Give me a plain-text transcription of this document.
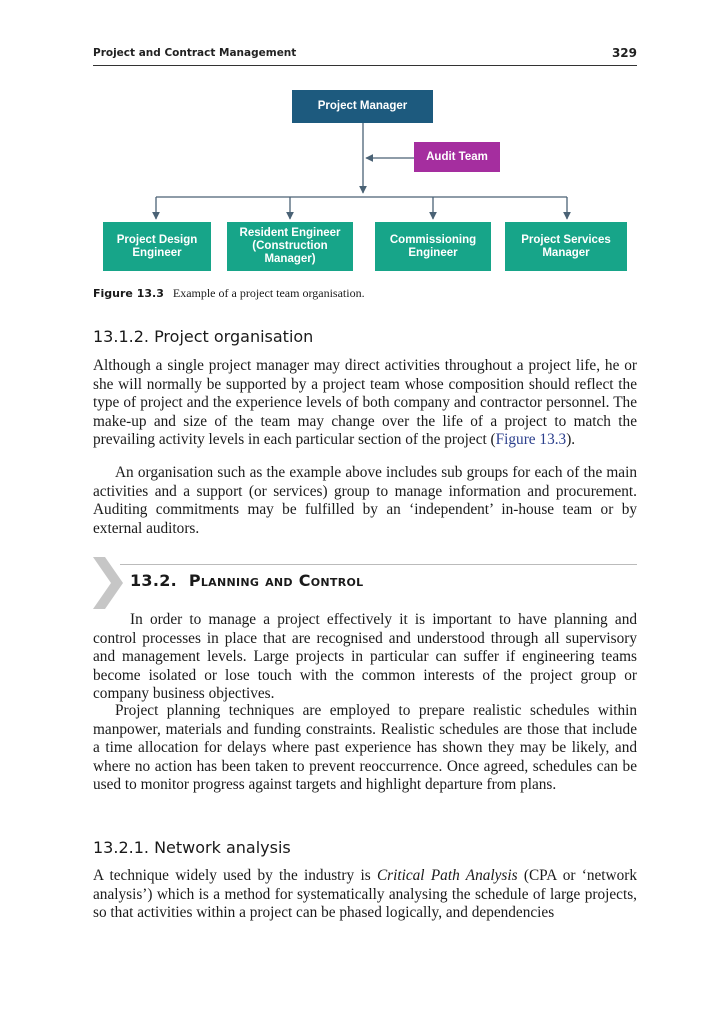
Project and Contract Management	329
Project Manager
Audit Team
Project Design
Engineer
Resident Engineer
(Construction
Manager)
Commissioning
Engineer
Project Services
Manager
Figure 13.3 Example of a project team organisation.
13.1.2. Project organisation

Although a single project manager may direct activities throughout a project life, he or she will normally be supported by a project team whose composition should reflect the type of project and the experience levels of both company and contractor personnel. The make-up and size of the team may change over the life of a project to match the prevailing activity levels in each particular section of the project (Figure 13.3).

An organisation such as the example above includes sub groups for each of the main activities and a support (or services) group to manage information and procurement. Auditing commitments may be fulfilled by an ‘independent’ in-house team or by external auditors.

13.2. Planning and Control

In order to manage a project effectively it is important to have planning and control processes in place that are recognised and understood through all supervisory and management levels. Large projects in particular can suffer if engineering teams become isolated or lose touch with the common interests of the project group or company business objectives.

Project planning techniques are employed to prepare realistic schedules within manpower, materials and funding constraints. Realistic schedules are those that include a time allocation for delays where past experience has shown they may be likely, and where no action has been taken to prevent reoccurrence. Once agreed, schedules can be used to monitor progress against targets and highlight departure from plans.

13.2.1. Network analysis

A technique widely used by the industry is Critical Path Analysis (CPA or ‘network analysis’) which is a method for systematically analysing the schedule of large projects, so that activities within a project can be phased logically, and dependencies
